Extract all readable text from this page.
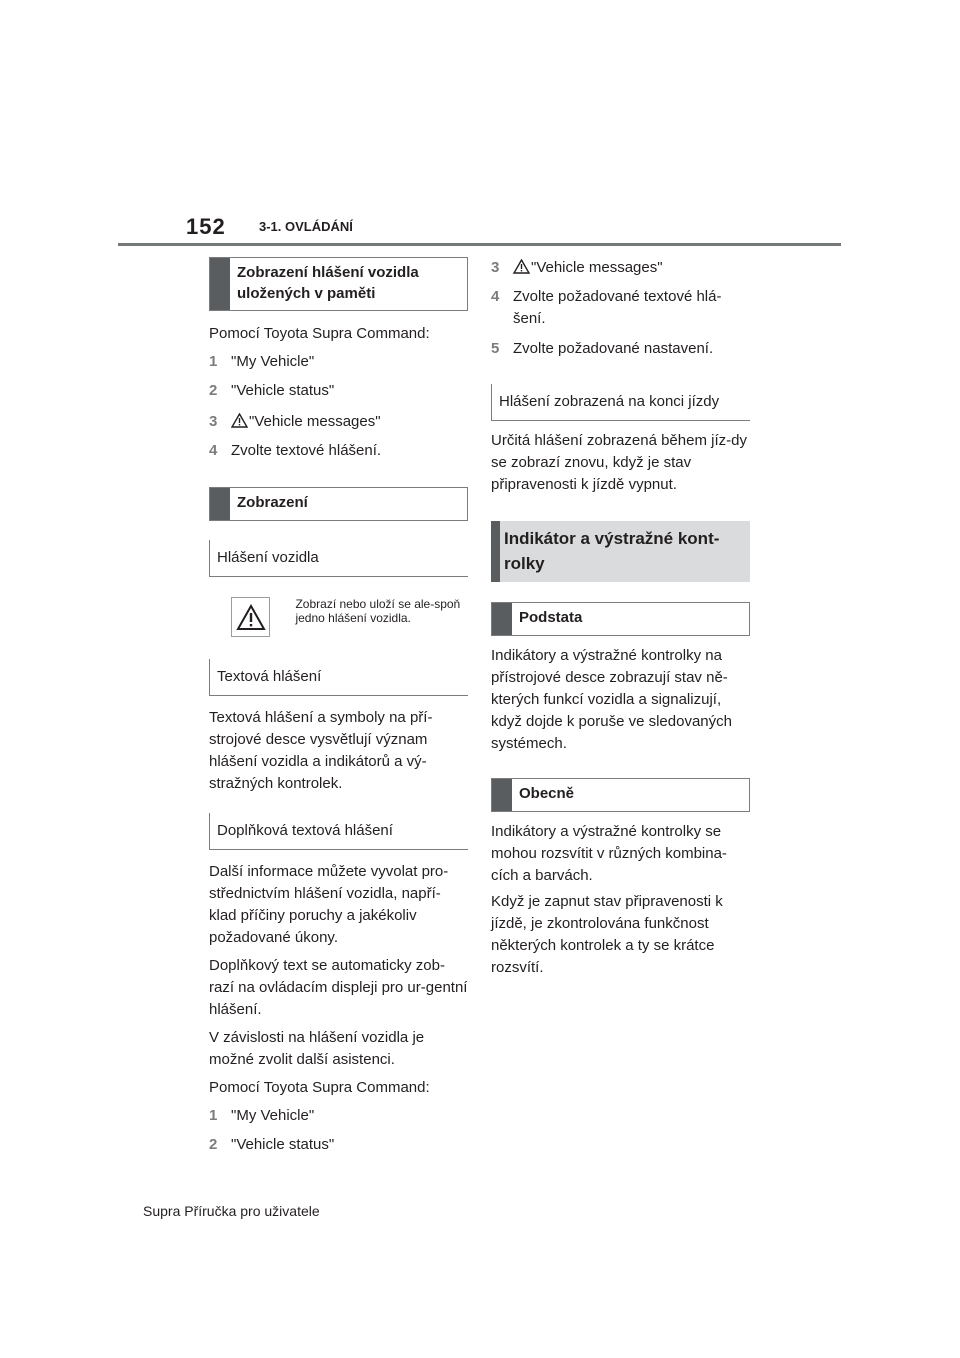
152	3-1. OVLÁDÁNÍ
Zobrazení hlášení vozidla uložených v paměti

Pomocí Toyota Supra Command:

1 "My Vehicle"
2 "Vehicle status"
3	"Vehicle messages"
4 Zvolte textové hlášení.
Zobrazení
Hlášení vozidla
Zobrazí nebo uloží se ale-spoň jedno hlášení vozidla.
Textová hlášení

Textová hlášení a symboly na pří-strojové desce vysvětlují význam hlášení vozidla a indikátorů a vý-stražných kontrolek.

Doplňková textová hlášení

Další informace můžete vyvolat pro-střednictvím hlášení vozidla, napří-klad příčiny poruchy a jakékoliv požadované úkony.

Doplňkový text se automaticky zob-razí na ovládacím displeji pro ur-gentní hlášení.

V závislosti na hlášení vozidla je možné zvolit další asistenci.

Pomocí Toyota Supra Command:

1 "My Vehicle"
2 "Vehicle status"
3	"Vehicle messages"
4 Zvolte požadované textové hlá-šení.
5 Zvolte požadované nastavení.
Hlášení zobrazená na konci jízdy

Určitá hlášení zobrazená během jíz-dy se zobrazí znovu, když je stav připravenosti k jízdě vypnut.

Indikátor a výstražné kont-rolky
Podstata

Indikátory a výstražné kontrolky na přístrojové desce zobrazují stav ně-kterých funkcí vozidla a signalizují, když dojde k poruše ve sledovaných systémech.

Obecně

Indikátory a výstražné kontrolky se mohou rozsvítit v různých kombina-cích a barvách.

Když je zapnut stav připravenosti k jízdě, je zkontrolována funkčnost některých kontrolek a ty se krátce rozsvítí.

Supra Příručka pro uživatele
